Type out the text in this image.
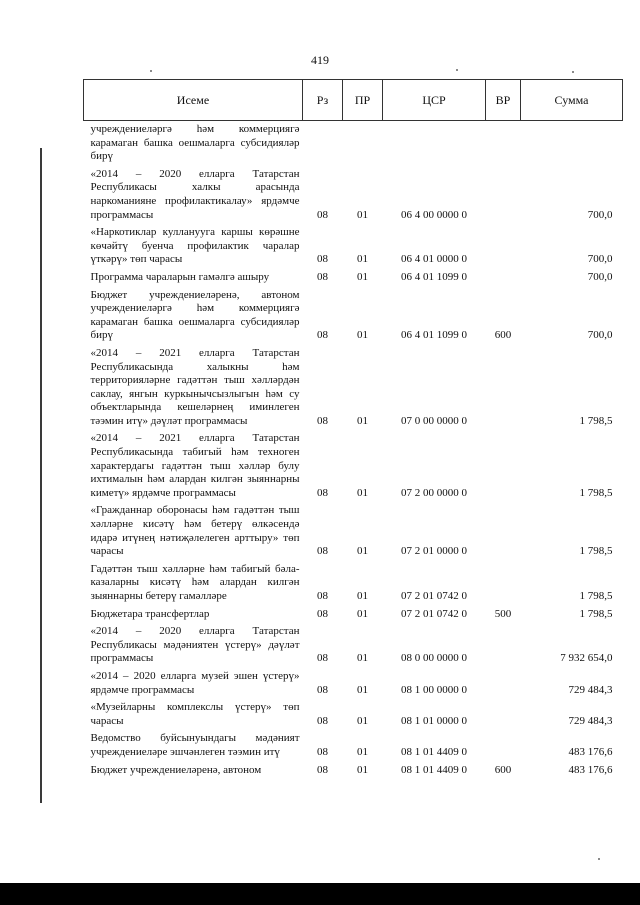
419
Исеме	Рз	ПР	ЦСР	ВР	Сумма
учреждениеләргә һәм коммерциягә карамаган башка оешмаларга субсидияләр бирү					
«2014 – 2020 елларга Татарстан Республикасы халкы арасында наркоманияне профилактикалау» ярдәмче программасы	08	01	06 4 00 0000 0		700,0
«Наркотиклар кулланууга каршы көрәшне көчәйтү буенча профилактик чаралар үткәрү» төп чарасы	08	01	06 4 01 0000 0		700,0
Программа чараларын гамәлгә ашыру	08	01	06 4 01 1099 0		700,0
Бюджет учреждениеләренә, автоном учреждениеләргә һәм коммерциягә карамаган башка оешмаларга субсидияләр бирү	08	01	06 4 01 1099 0	600	700,0
«2014 – 2021 елларга Татарстан Республикасында халыкны һәм территорияләрне гадәттән тыш хәлләрдән саклау, янгын куркынычсызлыгын һәм су объектларында кешеләрнең иминлеген тәэмин итү» дәүләт программасы	08	01	07 0 00 0000 0		1 798,5
«2014 – 2021 елларга Татарстан Республикасында табигый һәм техноген характердагы гадәттән тыш хәлләр булу ихтималын һәм алардан килгән зыяннарны киметү» ярдәмче программасы	08	01	07 2 00 0000 0		1 798,5
«Гражданнар оборонасы һәм гадәттән тыш хәлләрне кисәтү һәм бетерү өлкәсендә идарә итүнең нәтиҗәлелеген арттыру» төп чарасы	08	01	07 2 01 0000 0		1 798,5
Гадәттән тыш хәлләрне һәм табигый бәла-казаларны кисәтү һәм алардан килгән зыяннарны бетерү гамәлләре	08	01	07 2 01 0742 0		1 798,5
Бюджетара трансфертлар	08	01	07 2 01 0742 0	500	1 798,5
«2014 – 2020 елларга Татарстан Республикасы мәдәниятен үстерү» дәүләт программасы	08	01	08 0 00 0000 0		7 932 654,0
«2014 – 2020 елларга музей эшен үстерү» ярдәмче программасы	08	01	08 1 00 0000 0		729 484,3
«Музейларны комплекслы үстерү» төп чарасы	08	01	08 1 01 0000 0		729 484,3
Ведомство буйсынуындагы мәдәният учреждениеләре эшчәнлеген тәэмин итү	08	01	08 1 01 4409 0		483 176,6
Бюджет учреждениеләренә, автоном	08	01	08 1 01 4409 0	600	483 176,6
